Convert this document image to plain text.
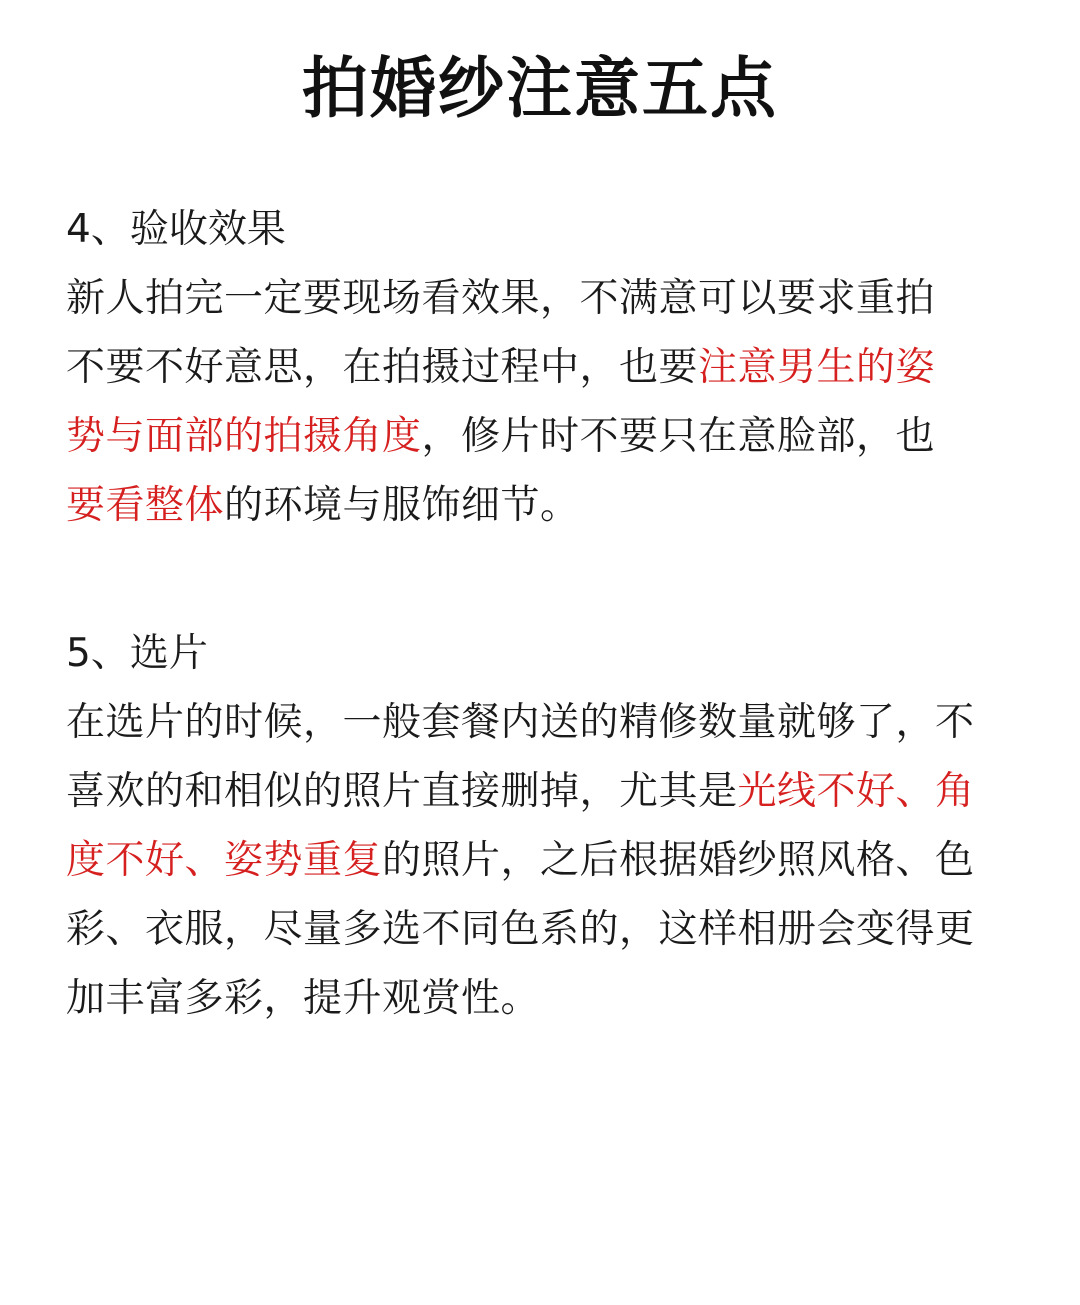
拍婚纱注意五点
4、验收效果
新人拍完一定要现场看效果，不满意可以要求重拍
不要不好意思，在拍摄过程中，也要注意男生的姿
势与面部的拍摄角度，修片时不要只在意脸部，也
要看整体的环境与服饰细节。
5、选片
在选片的时候，一般套餐内送的精修数量就够了，不
喜欢的和相似的照片直接删掉，尤其是光线不好、角
度不好、姿势重复的照片，之后根据婚纱照风格、色
彩、衣服，尽量多选不同色系的，这样相册会变得更
加丰富多彩，提升观赏性。
